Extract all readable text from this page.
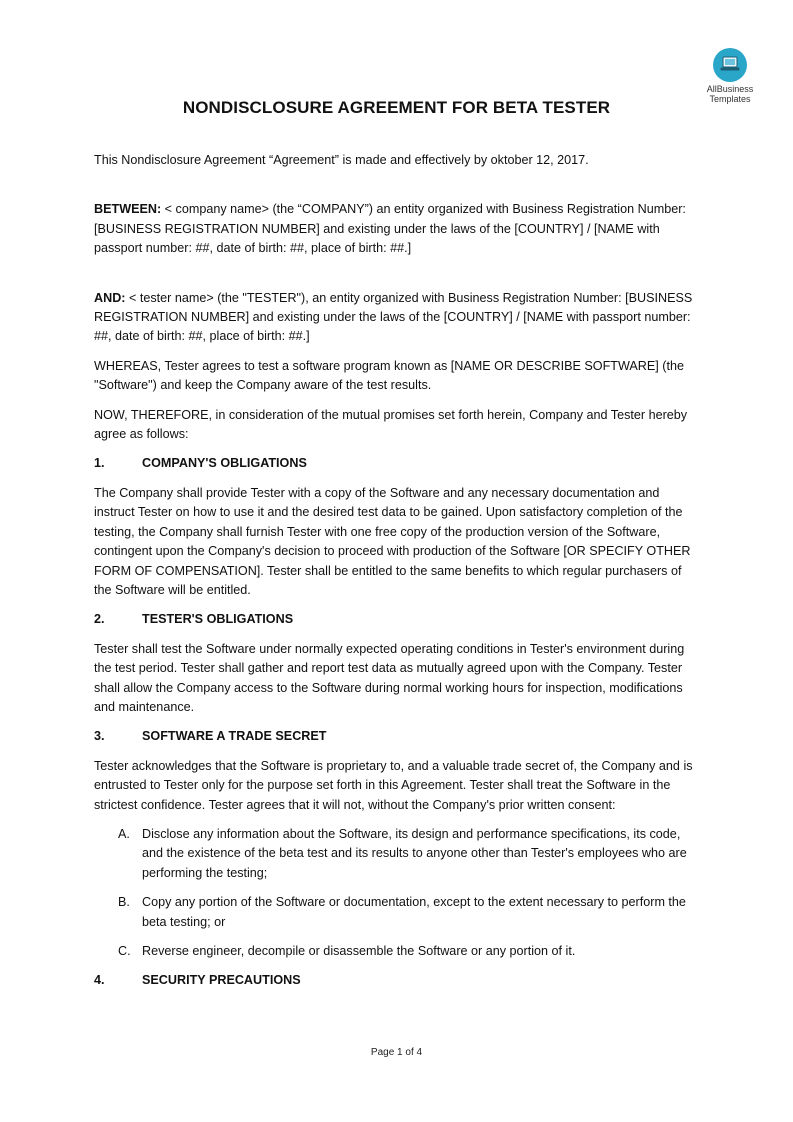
AllBusiness
Templates
NONDISCLOSURE AGREEMENT FOR BETA TESTER

This Nondisclosure Agreement “Agreement” is made and effectively by oktober 12, 2017.

BETWEEN: < company name> (the “COMPANY”) an entity organized with Business Registration Number: [BUSINESS REGISTRATION NUMBER] and existing under the laws of the [COUNTRY] / [NAME with passport number: ##, date of birth: ##, place of birth: ##.]

AND: < tester name> (the "TESTER"), an entity organized with Business Registration Number: [BUSINESS REGISTRATION NUMBER] and existing under the laws of the [COUNTRY] / [NAME with passport number: ##, date of birth: ##, place of birth: ##.]

WHEREAS, Tester agrees to test a software program known as [NAME OR DESCRIBE SOFTWARE] (the "Software") and keep the Company aware of the test results.

NOW, THEREFORE, in consideration of the mutual promises set forth herein, Company and Tester hereby agree as follows:

1.	COMPANY'S OBLIGATIONS

The Company shall provide Tester with a copy of the Software and any necessary documentation and instruct Tester on how to use it and the desired test data to be gained. Upon satisfactory completion of the testing, the Company shall furnish Tester with one free copy of the production version of the Software, contingent upon the Company's decision to proceed with production of the Software [OR SPECIFY OTHER FORM OF COMPENSATION]. Tester shall be entitled to the same benefits to which regular purchasers of the Software will be entitled.

2.	TESTER'S OBLIGATIONS

Tester shall test the Software under normally expected operating conditions in Tester's environment during the test period. Tester shall gather and report test data as mutually agreed upon with the Company. Tester shall allow the Company access to the Software during normal working hours for inspection, modifications and maintenance.

3.	SOFTWARE A TRADE SECRET

Tester acknowledges that the Software is proprietary to, and a valuable trade secret of, the Company and is entrusted to Tester only for the purpose set forth in this Agreement. Tester shall treat the Software in the strictest confidence. Tester agrees that it will not, without the Company's prior written consent:

A. Disclose any information about the Software, its design and performance specifications, its code, and the existence of the beta test and its results to anyone other than Tester's employees who are performing the testing;
B. Copy any portion of the Software or documentation, except to the extent necessary to perform the beta testing; or
C. Reverse engineer, decompile or disassemble the Software or any portion of it.
4.	SECURITY PRECAUTIONS
Page 1 of 4
